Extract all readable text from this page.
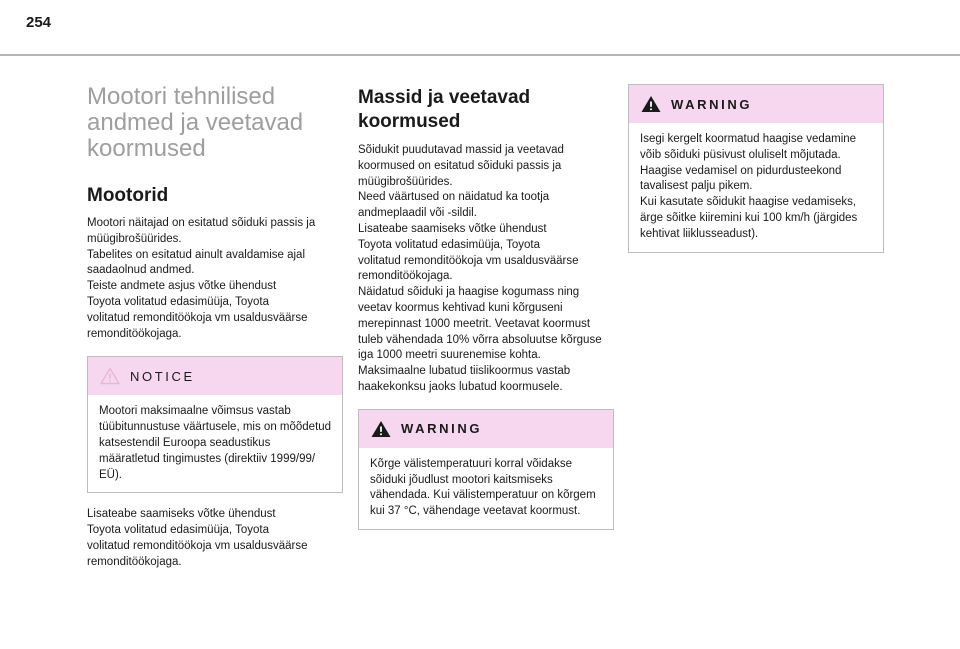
254
Mootori tehnilised
andmed ja veetavad
koormused
Mootorid

Mootori näitajad on esitatud sõiduki passis ja
müügibrošüürides.
Tabelites on esitatud ainult avaldamise ajal
saadaolnud andmed.
Teiste andmete asjus võtke ühendust
Toyota volitatud edasimüüja, Toyota
volitatud remonditöökoja vm usaldusväärse
remonditöökojaga.

NOTICE

Mootori maksimaalne võimsus vastab
tüübitunnustuse väärtusele, mis on mõõdetud
katsestendil Euroopa seadustikus
määratletud tingimustes (direktiiv 1999/99/
EÜ).

Lisateabe saamiseks võtke ühendust
Toyota volitatud edasimüüja, Toyota
volitatud remonditöökoja vm usaldusväärse
remonditöökojaga.

Massid ja veetavad
koormused

Sõidukit puudutavad massid ja veetavad
koormused on esitatud sõiduki passis ja
müügibrošüürides.
Need väärtused on näidatud ka tootja
andmeplaadil või -sildil.
Lisateabe saamiseks võtke ühendust
Toyota volitatud edasimüüja, Toyota
volitatud remonditöökoja vm usaldusväärse
remonditöökojaga.
Näidatud sõiduki ja haagise kogumass ning
veetav koormus kehtivad kuni kõrguseni
merepinnast 1000 meetrit. Veetavat koormust
tuleb vähendada 10% võrra absoluutse kõrguse
iga 1000 meetri suurenemise kohta.
Maksimaalne lubatud tiislikoormus vastab
haakekonksu jaoks lubatud koormusele.

WARNING

Kõrge välistemperatuuri korral võidakse
sõiduki jõudlust mootori kaitsmiseks
vähendada. Kui välistemperatuur on kõrgem
kui 37 °C, vähendage veetavat koormust.

WARNING

Isegi kergelt koormatud haagise vedamine
võib sõiduki püsivust oluliselt mõjutada.
Haagise vedamisel on pidurdusteekond
tavalisest palju pikem.
Kui kasutate sõidukit haagise vedamiseks,
ärge sõitke kiiremini kui 100 km/h (järgides
kehtivat liiklusseadust).
